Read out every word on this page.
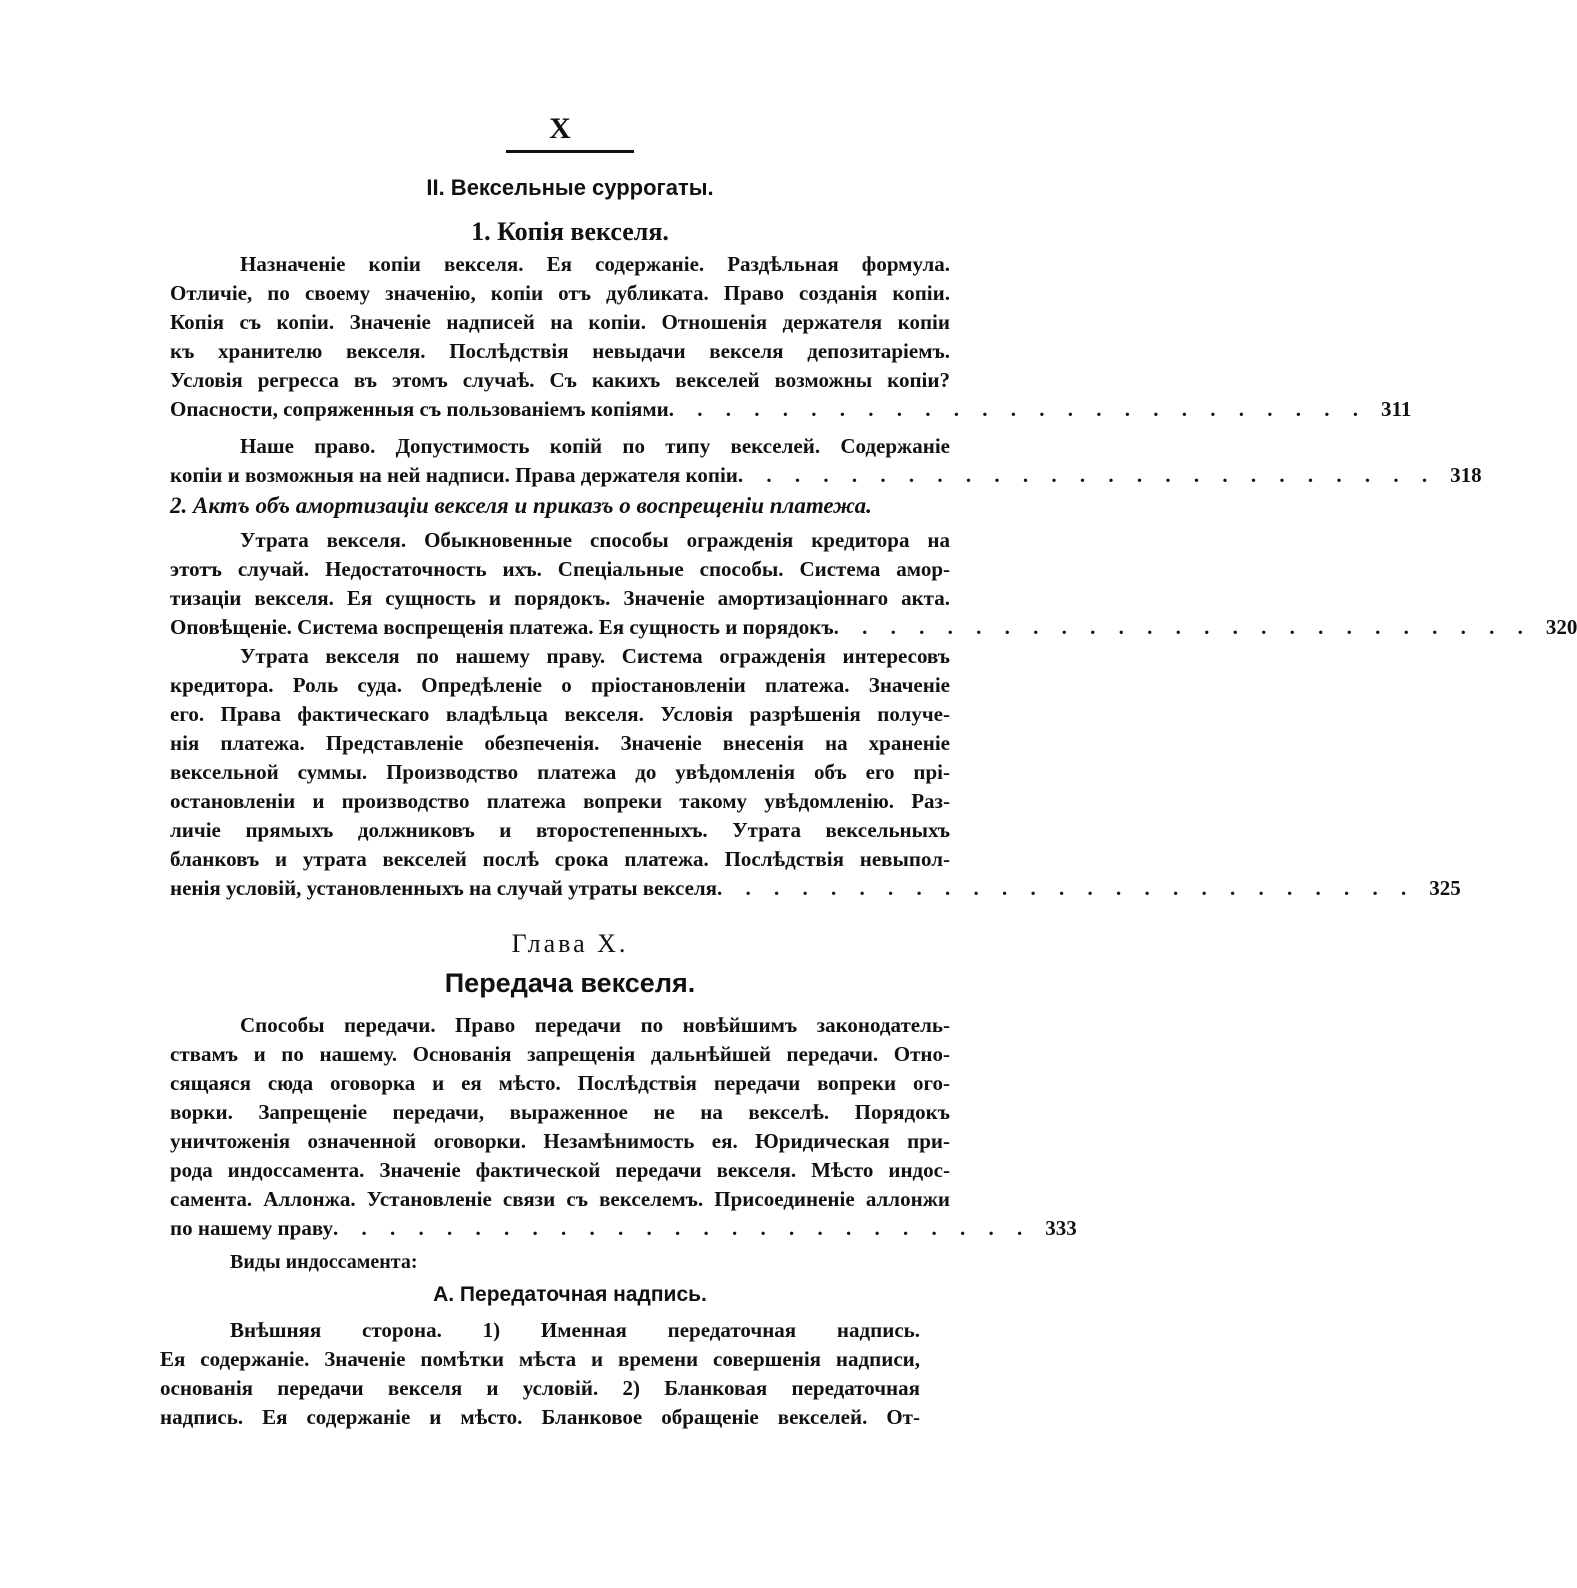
X
II. Вексельные суррогаты.
1. Копія векселя.
Назначеніе копіи векселя. Ея содержаніе. Раздѣльная формула.
Отличіе, по своему значенію, копіи отъ дубликата. Право созданія копіи.
Копія съ копіи. Значеніе надписей на копіи. Отношенія держателя копіи
къ хранителю векселя. Послѣдствія невыдачи векселя депозитаріемъ.
Условія регресса въ этомъ случаѣ. Съ какихъ векселей возможны копіи?
Опасности, сопряженныя съ пользованіемъ копіями . . . . . . . . . . . . . . . . . . . . . . . . . 311
Наше право. Допустимость копій по типу векселей. Содержаніе
копіи и возможныя на ней надписи. Права держателя копіи . . . . . . . . . . . . . . . . . . . . . . . . . 318
2. Актъ объ амортизаціи векселя и приказъ о воспрещеніи платежа.
Утрата векселя. Обыкновенные способы огражденія кредитора на
этотъ случай. Недостаточность ихъ. Спеціальные способы. Система амор-
тизаціи векселя. Ея сущность и порядокъ. Значеніе амортизаціоннаго акта.
Оповѣщеніе. Система воспрещенія платежа. Ея сущность и порядокъ . . . . . . . . . . . . . . . . . . . . . . . . . 320
Утрата векселя по нашему праву. Система огражденія интересовъ
кредитора. Роль суда. Опредѣленіе о пріостановленіи платежа. Значеніе
его. Права фактическаго владѣльца векселя. Условія разрѣшенія получе-
нія платежа. Представленіе обезпеченія. Значеніе внесенія на храненіе
вексельной суммы. Производство платежа до увѣдомленія объ его прі-
остановленіи и производство платежа вопреки такому увѣдомленію. Раз-
личіе прямыхъ должниковъ и второстепенныхъ. Утрата вексельныхъ
бланковъ и утрата векселей послѣ срока платежа. Послѣдствія невыпол-
ненія условій, установленныхъ на случай утраты векселя . . . . . . . . . . . . . . . . . . . . . . . . . 325
Глава X.
Передача векселя.
Способы передачи. Право передачи по новѣйшимъ законодатель-
ствамъ и по нашему. Основанія запрещенія дальнѣйшей передачи. Отно-
сящаяся сюда оговорка и ея мѣсто. Послѣдствія передачи вопреки ого-
ворки. Запрещеніе передачи, выраженное не на векселѣ. Порядокъ
уничтоженія означенной оговорки. Незамѣнимость ея. Юридическая при-
рода индоссамента. Значеніе фактической передачи векселя. Мѣсто индос-
самента. Аллонжа. Установленіе связи съ векселемъ. Присоединеніе аллонжи
по нашему праву . . . . . . . . . . . . . . . . . . . . . . . . . 333
Виды индоссамента:
А. Передаточная надпись.
Внѣшняя сторона. 1) Именная передаточная надпись.
Ея содержаніе. Значеніе помѣтки мѣста и времени совершенія надписи,
основанія передачи векселя и условій. 2) Бланковая передаточная
надпись. Ея содержаніе и мѣсто. Бланковое обращеніе векселей. От-
